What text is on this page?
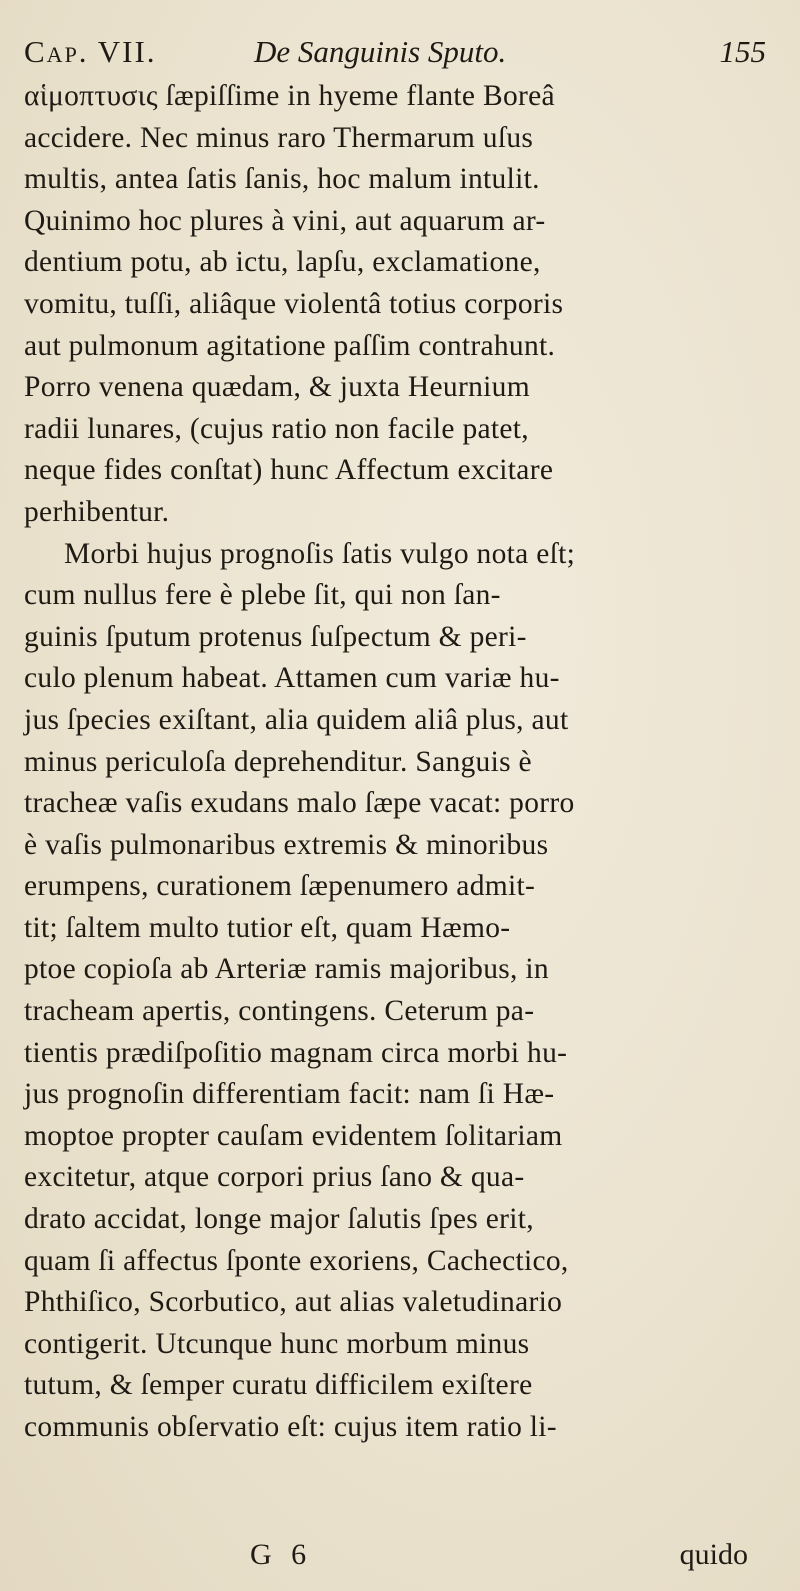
Cap. VII.	De Sanguinis Sputo.	155
αἱμοπτυσις ſæpiſſime in hyeme flante Boreâ
accidere. Nec minus raro Thermarum uſus
multis, antea ſatis ſanis, hoc malum intulit.
Quinimo hoc plures à vini, aut aquarum ar-
dentium potu, ab ictu, lapſu, exclamatione,
vomitu, tuſſi, aliâque violentâ totius corporis
aut pulmonum agitatione paſſim contrahunt.
Porro venena quædam, & juxta Heurnium
radii lunares, (cujus ratio non facile patet,
neque fides conſtat) hunc Affectum excitare
perhibentur.
Morbi hujus prognoſis ſatis vulgo nota eſt;
cum nullus fere è plebe ſit, qui non ſan-
guinis ſputum protenus ſuſpectum & peri-
culo plenum habeat. Attamen cum variæ hu-
jus ſpecies exiſtant, alia quidem aliâ plus, aut
minus periculoſa deprehenditur. Sanguis è
tracheæ vaſis exudans malo ſæpe vacat: porro
è vaſis pulmonaribus extremis & minoribus
erumpens, curationem ſæpenumero admit-
tit; ſaltem multo tutior eſt, quam Hæmo-
ptoe copioſa ab Arteriæ ramis majoribus, in
tracheam apertis, contingens. Ceterum pa-
tientis prædiſpoſitio magnam circa morbi hu-
jus prognoſin differentiam facit: nam ſi Hæ-
moptoe propter cauſam evidentem ſolitariam
excitetur, atque corpori prius ſano & qua-
drato accidat, longe major ſalutis ſpes erit,
quam ſi affectus ſponte exoriens, Cachectico,
Phthiſico, Scorbutico, aut alias valetudinario
contigerit. Utcunque hunc morbum minus
tutum, & ſemper curatu difficilem exiſtere
communis obſervatio eſt: cujus item ratio li-
G 6	quido
